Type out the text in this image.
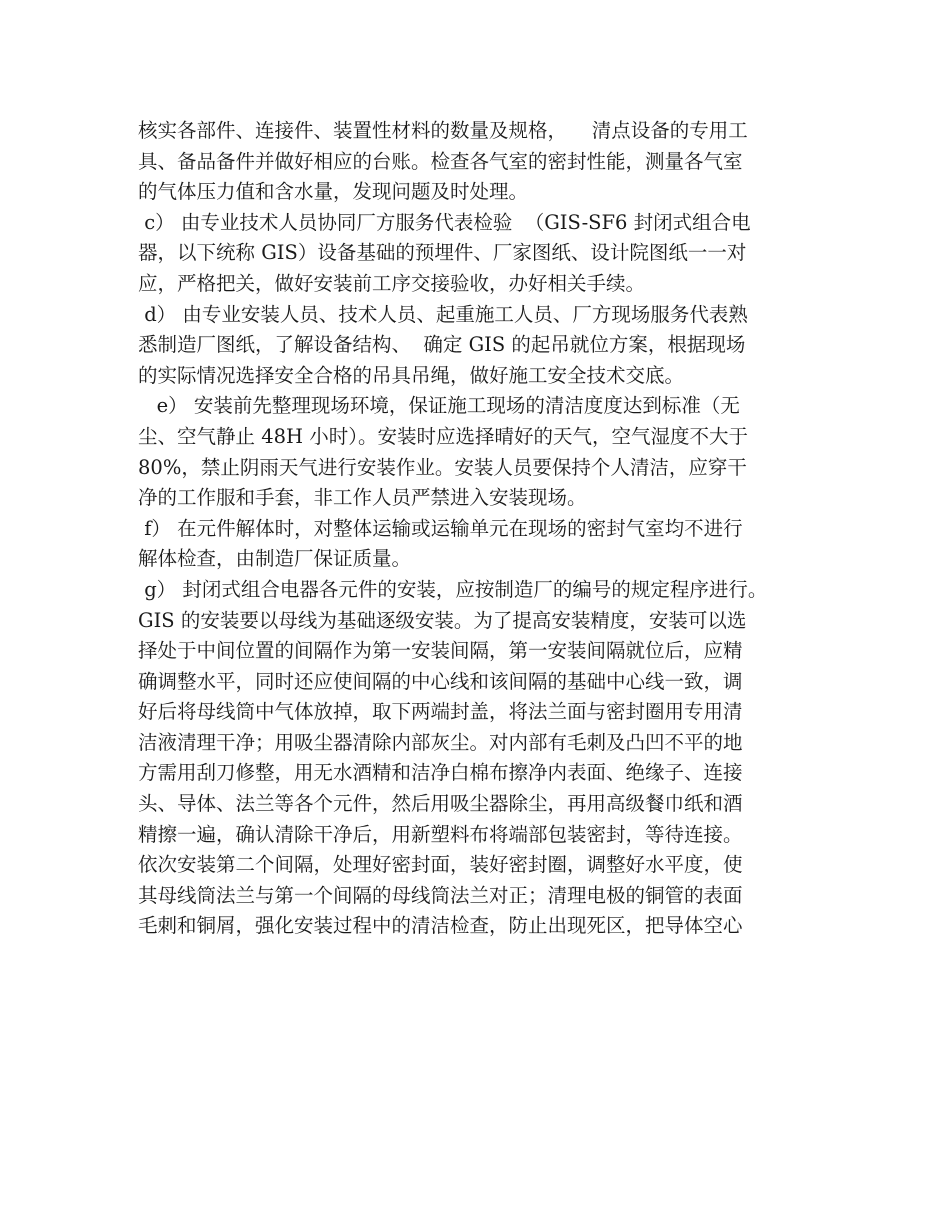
核实各部件、连接件、装置性材料的数量及规格，    清点设备的专用工
具、备品备件并做好相应的台账。检查各气室的密封性能，测量各气室
的气体压力值和含水量，发现问题及时处理。
c） 由专业技术人员协同厂方服务代表检验  （GIS-SF6 封闭式组合电
器，以下统称 GIS）设备基础的预埋件、厂家图纸、设计院图纸一一对
应，严格把关，做好安装前工序交接验收，办好相关手续。
d） 由专业安装人员、技术人员、起重施工人员、厂方现场服务代表熟
悉制造厂图纸，了解设备结构、  确定 GIS 的起吊就位方案，根据现场
的实际情况选择安全合格的吊具吊绳，做好施工安全技术交底。
e） 安装前先整理现场环境，保证施工现场的清洁度度达到标准（无
尘、空气静止 48H 小时）。安装时应选择晴好的天气，空气湿度不大于
80%，禁止阴雨天气进行安装作业。安装人员要保持个人清洁，应穿干
净的工作服和手套，非工作人员严禁进入安装现场。
f） 在元件解体时，对整体运输或运输单元在现场的密封气室均不进行
解体检查，由制造厂保证质量。
g） 封闭式组合电器各元件的安装，应按制造厂的编号的规定程序进行。
GIS 的安装要以母线为基础逐级安装。为了提高安装精度，安装可以选
择处于中间位置的间隔作为第一安装间隔，第一安装间隔就位后，应精
确调整水平，同时还应使间隔的中心线和该间隔的基础中心线一致，调
好后将母线筒中气体放掉，取下两端封盖，将法兰面与密封圈用专用清
洁液清理干净；用吸尘器清除内部灰尘。对内部有毛刺及凸凹不平的地
方需用刮刀修整，用无水酒精和洁净白棉布擦净内表面、绝缘子、连接
头、导体、法兰等各个元件，然后用吸尘器除尘，再用高级餐巾纸和酒
精擦一遍，确认清除干净后，用新塑料布将端部包装密封，等待连接。
依次安装第二个间隔，处理好密封面，装好密封圈，调整好水平度，使
其母线筒法兰与第一个间隔的母线筒法兰对正；清理电极的铜管的表面
毛刺和铜屑，强化安装过程中的清洁检查，防止出现死区，把导体空心
